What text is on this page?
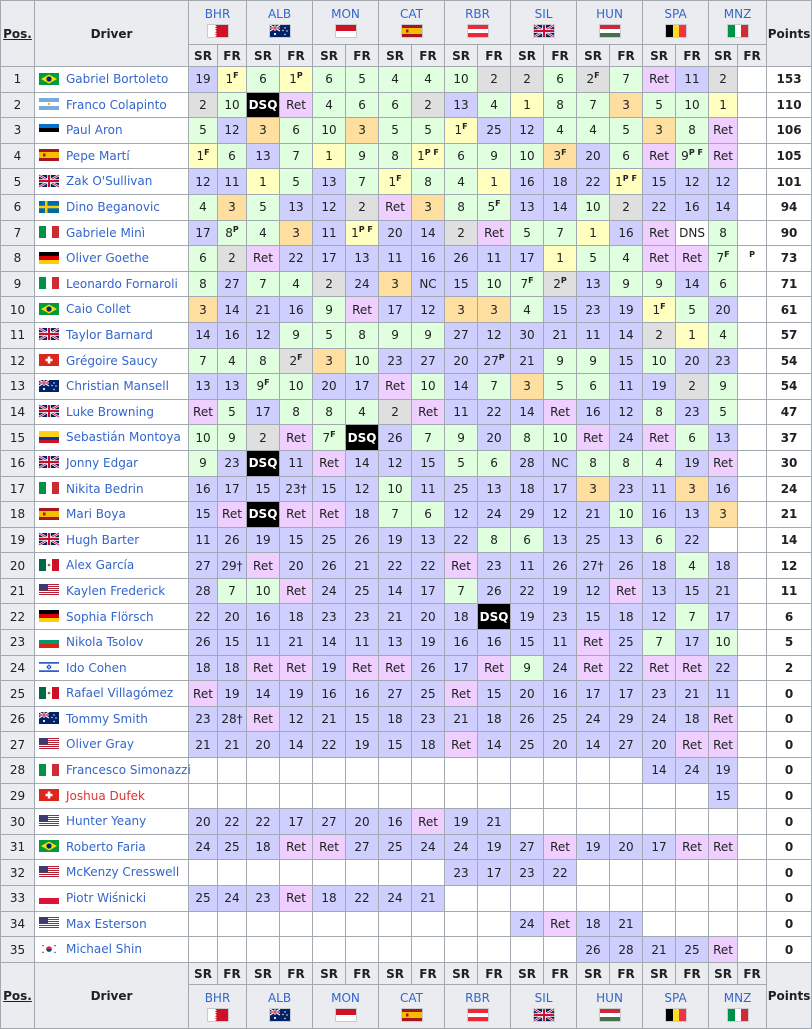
Pos.	Driver	BHR		ALB		MON		CAT		RBR		SIL		HUN		SPA		MNZ		Points
		SR	FR	SR	FR	SR	FR	SR	FR	SR	FR	SR	FR	SR	FR	SR	FR	SR	FR	
1	Gabriel Bortoleto	19	$1^F$	6	$1^P$	6	5	4	4	10	2	2	6	$2^F$	7	Ret	11	2		153
2	Franco Colapinto	2	10	DSQ	Ret	4	6	6	2	13	4	1	8	7	3	5	10	1		110
3	Paul Aron	5	12	3	6	10	3	5	5	$1^F$	25	12	4	4	5	3	8	Ret		106
4	Pepe Martí	$1^F$	6	13	7	1	9	8	$1^{P F}$	6	9	10	$3^F$	20	6	Ret	$9^{P F}$	Ret		105
5	Zak O'Sullivan	12	11	1	5	13	7	$1^F$	8	4	1	16	18	22	$1^{P F}$	15	12	12		101
6	Dino Beganovic	4	3	5	13	12	2	Ret	3	8	$5^F$	13	14	10	2	22	16	14		94
7	Gabriele Minì	17	$8^P$	4	3	11	$1^{P F}$	20	14	2	Ret	5	7	1	16	Ret	DNS	8		90
8	Oliver Goethe	6	2	Ret	22	17	13	11	16	26	11	17	1	5	4	Ret	Ret	$7^F$	$^P$	73
9	Leonardo Fornaroli	8	27	7	4	2	24	3	NC	15	10	$7^F$	$2^P$	13	9	9	14	6		71
10	Caio Collet	3	14	21	16	9	Ret	17	12	3	3	4	15	23	19	$1^F$	5	20		61
11	Taylor Barnard	14	16	12	9	5	8	9	9	27	12	30	21	11	14	2	1	4		57
12	Grégoire Saucy	7	4	8	$2^F$	3	10	23	27	20	$27^P$	21	9	9	15	10	20	23		54
13	Christian Mansell	13	13	$9^F$	10	20	17	Ret	10	14	7	3	5	6	11	19	2	9		54
14	Luke Browning	Ret	5	17	8	8	4	2	Ret	11	22	14	Ret	16	12	8	23	5		47
15	Sebastián Montoya	10	9	2	Ret	$7^F$	DSQ	26	7	9	20	8	10	Ret	24	Ret	6	13		37
16	Jonny Edgar	9	23	DSQ	11	Ret	14	12	15	5	6	28	NC	8	8	4	19	Ret		30
17	Nikita Bedrin	16	17	15	23†	15	12	10	11	25	13	18	17	3	23	11	3	16		24
18	Mari Boya	15	Ret	DSQ	Ret	Ret	18	7	6	12	24	29	12	21	10	16	13	3		21
19	Hugh Barter	11	26	19	15	25	26	19	13	22	8	6	13	25	13	6	22			14
20	Alex García	27	29†	Ret	20	26	21	22	22	Ret	23	11	26	27†	26	18	4	18		12
21	Kaylen Frederick	28	7	10	Ret	24	25	14	17	7	26	22	19	12	Ret	13	15	21		11
22	Sophia Flörsch	22	20	16	18	23	23	21	20	18	DSQ	19	23	15	18	12	7	17		6
23	Nikola Tsolov	26	15	11	21	14	11	13	19	16	16	15	11	Ret	25	7	17	10		5
24	Ido Cohen	18	18	Ret	Ret	19	Ret	Ret	26	17	Ret	9	24	Ret	22	Ret	Ret	22		2
25	Rafael Villagómez	Ret	19	14	19	16	16	27	25	Ret	15	20	16	17	17	23	21	11		0
26	Tommy Smith	23	28†	Ret	12	21	15	18	23	21	18	26	25	24	29	24	18	Ret		0
27	Oliver Gray	21	21	20	14	22	19	15	18	Ret	14	25	20	14	27	20	Ret	Ret		0
28	Francesco Simonazzi															14	24	19		0
29	Joshua Dufek																	15		0
30	Hunter Yeany	20	22	22	17	27	20	16	Ret	19	21									0
31	Roberto Faria	24	25	18	Ret	Ret	27	25	24	24	19	27	Ret	19	20	17	Ret	Ret		0
32	McKenzy Cresswell									23	17	23	22							0
33	Piotr Wiśnicki	25	24	23	Ret	18	22	24	21											0
34	Max Esterson											24	Ret	18	21					0
35	Michael Shin													26	28	21	25	Ret		0
Pos.	Driver	SR	FR	SR	FR	SR	FR	SR	FR	SR	FR	SR	FR	SR	FR	SR	FR	SR	FR	Points
		BHR		ALB		MON		CAT		RBR		SIL		HUN		SPA		MNZ		
